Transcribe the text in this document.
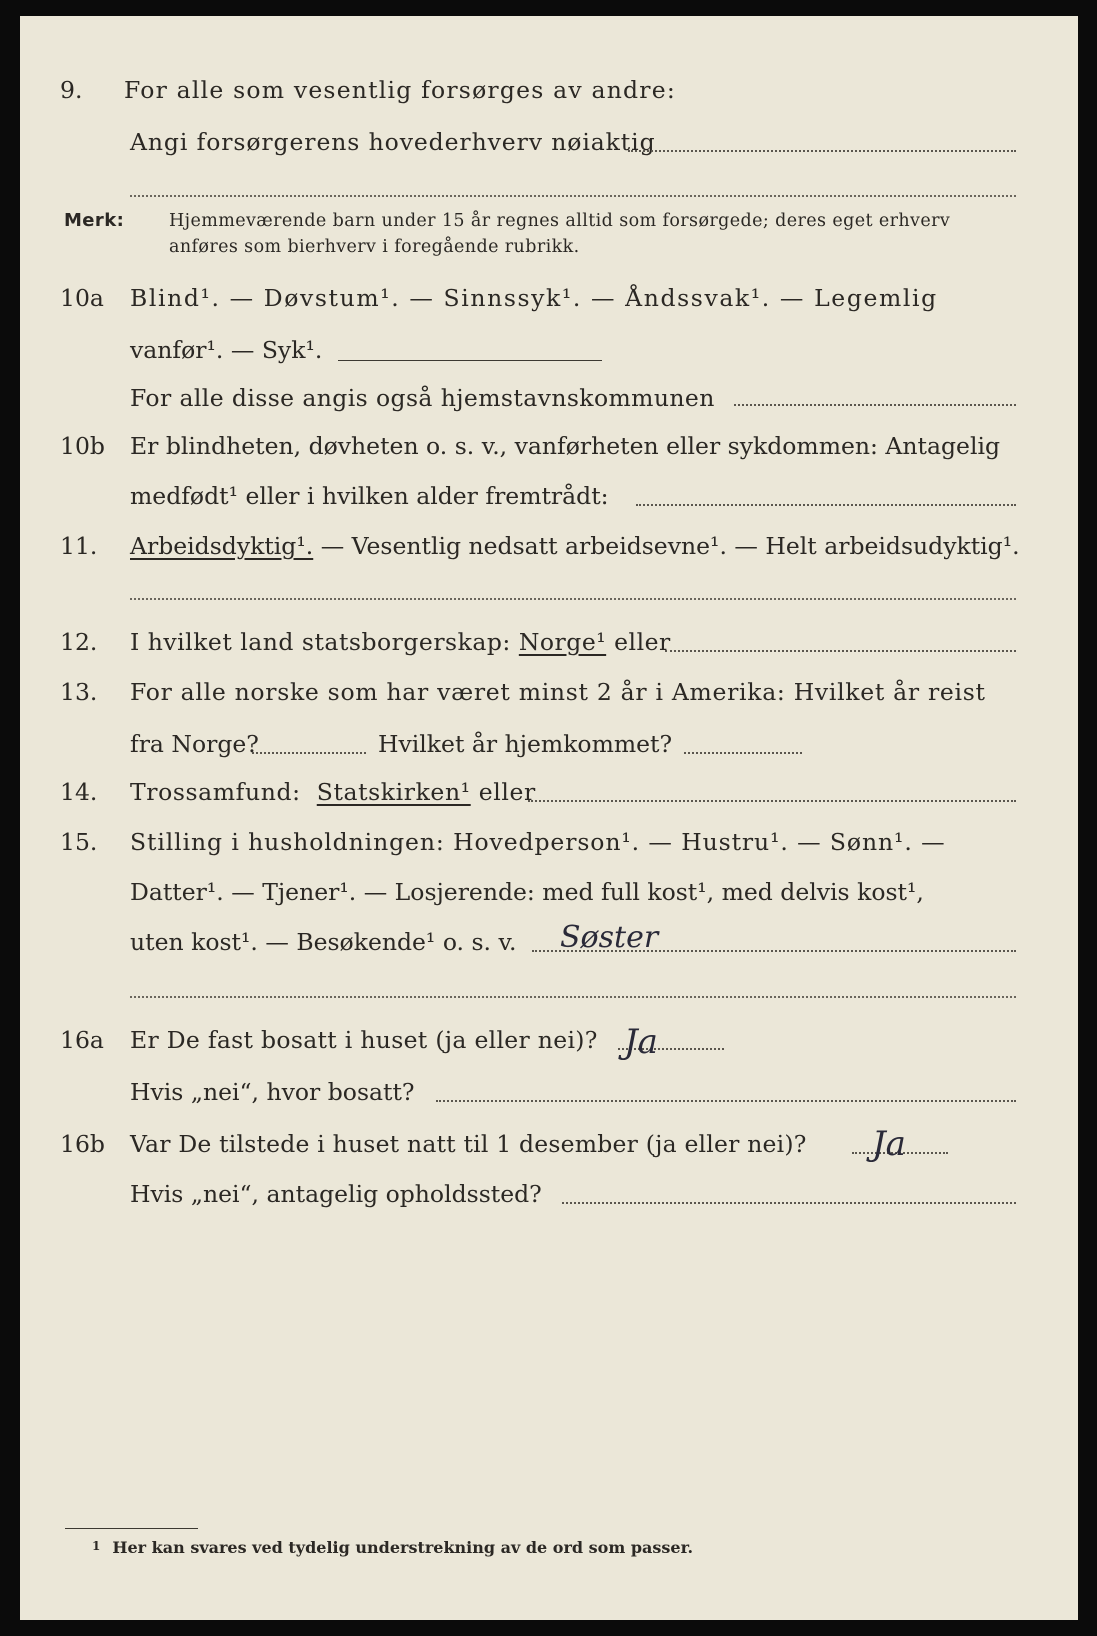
9. For alle som vesentlig forsørges av andre:
Angi forsørgerens hovederhverv nøiaktig
Merk:	Hjemmeværende barn under 15 år regnes alltid som forsørgede; deres eget erhverv
anføres som bierhverv i foregående rubrikk.
10a Blind¹. — Døvstum¹. — Sinnssyk¹. — Åndssvak¹. — Legemlig
vanfør¹. — Syk¹.
For alle disse angis også hjemstavnskommunen
10b Er blindheten, døvheten o. s. v., vanførheten eller sykdommen: Antagelig
medfødt¹ eller i hvilken alder fremtrådt:
11. Arbeidsdyktig¹. — Vesentlig nedsatt arbeidsevne¹. — Helt arbeidsudyktig¹.
12. I hvilket land statsborgerskap: Norge¹ eller
13. For alle norske som har været minst 2 år i Amerika: Hvilket år reist
fra Norge?	Hvilket år hjemkommet?
14. Trossamfund: Statskirken¹ eller
15. Stilling i husholdningen: Hovedperson¹. — Hustru¹. — Sønn¹. —
Datter¹. — Tjener¹. — Losjerende: med full kost¹, med delvis kost¹,
uten kost¹. — Besøkende¹ o. s. v. Søster
16a Er De fast bosatt i huset (ja eller nei)? Ja
Hvis „nei“, hvor bosatt?
16b Var De tilstede i huset natt til 1 desember (ja eller nei)? Ja
Hvis „nei“, antagelig opholdssted?
1 Her kan svares ved tydelig understrekning av de ord som passer.
